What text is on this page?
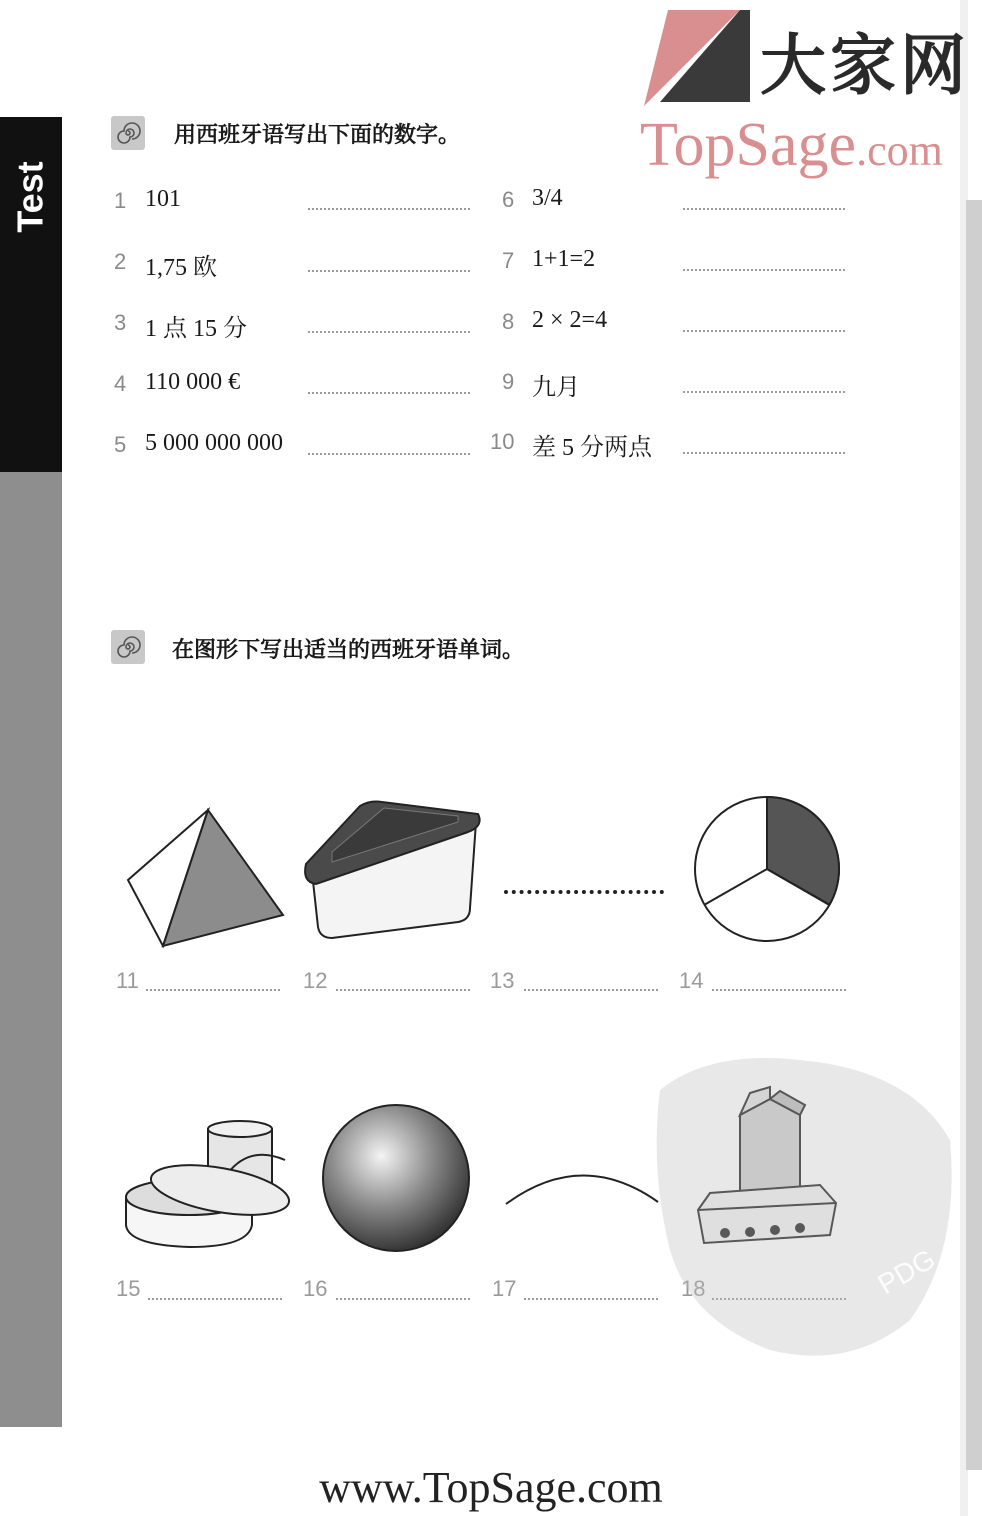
Test
大家网
TopSage.com
用西班牙语写出下面的数字。
1 101
2 1,75 欧
3 1 点 15 分
4 110 000 €
5 5 000 000 000
6 3/4
7 1+1=2
8 2 × 2=4
9 九月
10 差 5 分两点
在图形下写出适当的西班牙语单词。
11	12	13	14
15	16	17	18	PDG
www.TopSage.com
